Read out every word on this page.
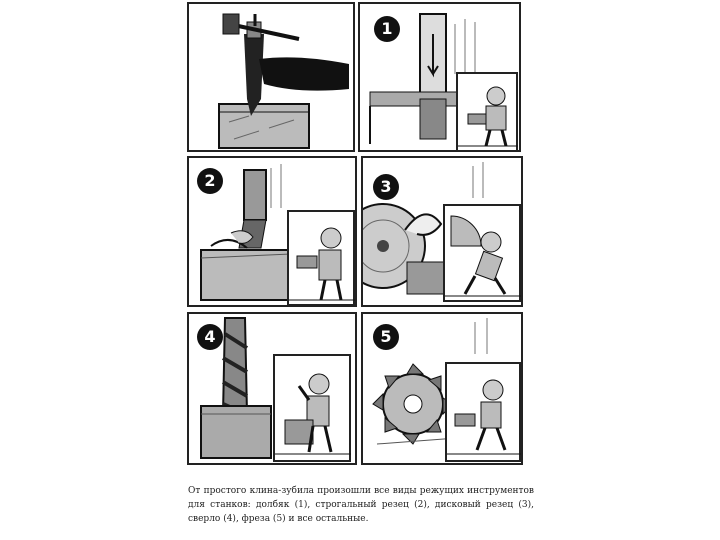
1
2	3
4	5
От простого клина-зубила произошли все виды режущих инструментов для станков: долбяк (1), строгальный резец (2), дисковый резец (3), сверло (4), фреза (5) и все остальные.
